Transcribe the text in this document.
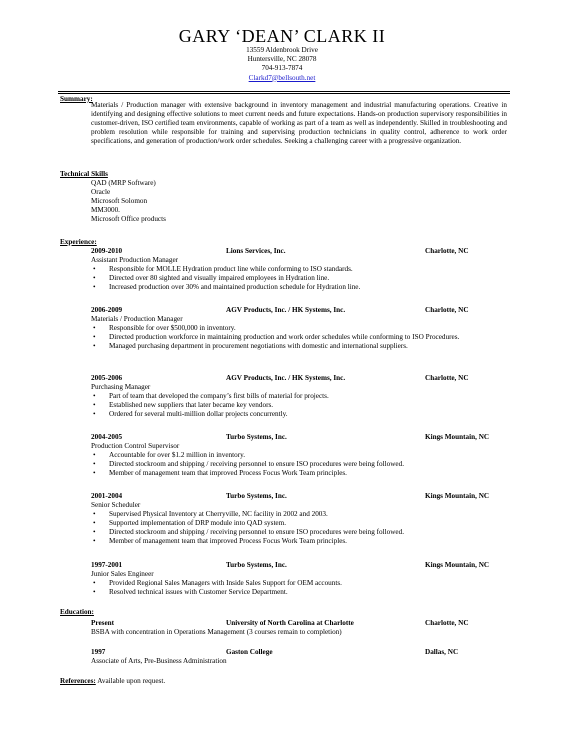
GARY ‘DEAN’ CLARK II
13559 Aldenbrook Drive
Huntersville, NC 28078
704-913-7874
Clarkd7@bellsouth.net
Summary:
Materials / Production manager with extensive background in inventory management and industrial manufacturing operations. Creative in identifying and designing effective solutions to meet current needs and future expectations. Hands-on production supervisory responsibilities in customer-driven, ISO certified team environments, capable of working as part of a team as well as independently. Skilled in troubleshooting and problem resolution while responsible for training and supervising production technicians in quality control, adherence to work order specifications, and generation of production/work order schedules. Seeking a challenging career with a progressive organization.
Technical Skills
QAD (MRP Software)
Oracle
Microsoft Solomon
MM3000.
Microsoft Office products
Experience:
2009-2010	Lions Services, Inc.	Charlotte, NC
Assistant Production Manager
• Responsible for MOLLE Hydration product line while conforming to ISO standards.
• Directed over 80 sighted and visually impaired employees in Hydration line.
• Increased production over 30% and maintained production schedule for Hydration line.
2006-2009	AGV Products, Inc. / HK Systems, Inc.	Charlotte, NC
Materials / Production Manager
• Responsible for over $500,000 in inventory.
• Directed production workforce in maintaining production and work order schedules while conforming to ISO Procedures.
• Managed purchasing department in procurement negotiations with domestic and international suppliers.
2005-2006	AGV Products, Inc. / HK Systems, Inc.	Charlotte, NC
Purchasing Manager
• Part of team that developed the company’s first bills of material for projects.
• Established new suppliers that later became key vendors.
• Ordered for several multi-million dollar projects concurrently.
2004-2005	Turbo Systems, Inc.	Kings Mountain, NC
Production Control Supervisor
• Accountable for over $1.2 million in inventory.
• Directed stockroom and shipping / receiving personnel to ensure ISO procedures were being followed.
• Member of management team that improved Process Focus Work Team principles.
2001-2004	Turbo Systems, Inc.	Kings Mountain, NC
Senior Scheduler
• Supervised Physical Inventory at Cherryville, NC facility in 2002 and 2003.
• Supported implementation of DRP module into QAD system.
• Directed stockroom and shipping / receiving personnel to ensure ISO procedures were being followed.
• Member of management team that improved Process Focus Work Team principles.
1997-2001	Turbo Systems, Inc.	Kings Mountain, NC
Junior Sales Engineer
• Provided Regional Sales Managers with Inside Sales Support for OEM accounts.
• Resolved technical issues with Customer Service Department.
Education:
Present	University of North Carolina at Charlotte	Charlotte, NC
BSBA with concentration in Operations Management (3 courses remain to completion)
1997	Gaston College	Dallas, NC
Associate of Arts, Pre-Business Administration
References: Available upon request.
